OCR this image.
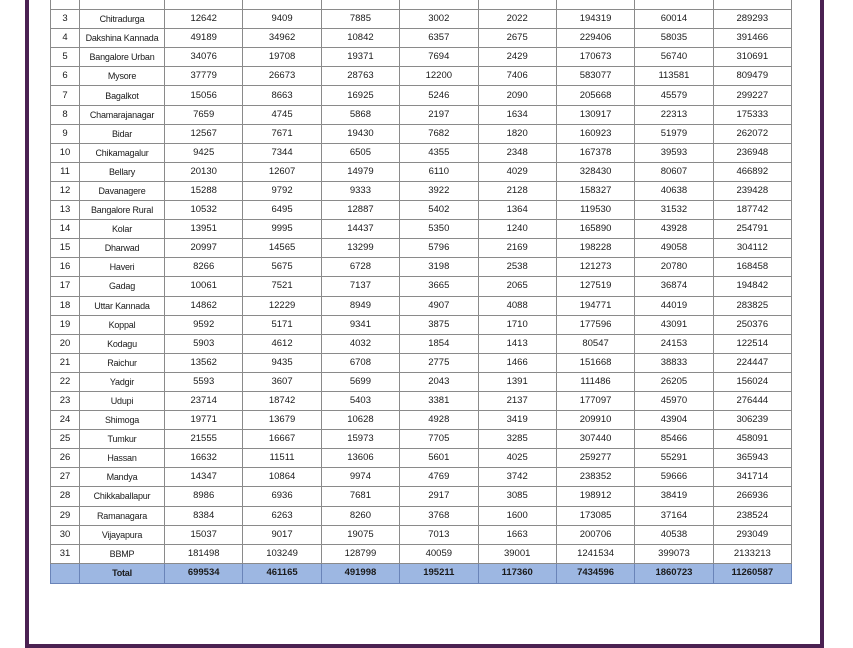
3	Chitradurga	12642	9409	7885	3002	2022	194319	60014	289293
4	Dakshina Kannada	49189	34962	10842	6357	2675	229406	58035	391466
5	Bangalore Urban	34076	19708	19371	7694	2429	170673	56740	310691
6	Mysore	37779	26673	28763	12200	7406	583077	113581	809479
7	Bagalkot	15056	8663	16925	5246	2090	205668	45579	299227
8	Chamarajanagar	7659	4745	5868	2197	1634	130917	22313	175333
9	Bidar	12567	7671	19430	7682	1820	160923	51979	262072
10	Chikamagalur	9425	7344	6505	4355	2348	167378	39593	236948
11	Bellary	20130	12607	14979	6110	4029	328430	80607	466892
12	Davanagere	15288	9792	9333	3922	2128	158327	40638	239428
13	Bangalore Rural	10532	6495	12887	5402	1364	119530	31532	187742
14	Kolar	13951	9995	14437	5350	1240	165890	43928	254791
15	Dharwad	20997	14565	13299	5796	2169	198228	49058	304112
16	Haveri	8266	5675	6728	3198	2538	121273	20780	168458
17	Gadag	10061	7521	7137	3665	2065	127519	36874	194842
18	Uttar Kannada	14862	12229	8949	4907	4088	194771	44019	283825
19	Koppal	9592	5171	9341	3875	1710	177596	43091	250376
20	Kodagu	5903	4612	4032	1854	1413	80547	24153	122514
21	Raichur	13562	9435	6708	2775	1466	151668	38833	224447
22	Yadgir	5593	3607	5699	2043	1391	111486	26205	156024
23	Udupi	23714	18742	5403	3381	2137	177097	45970	276444
24	Shimoga	19771	13679	10628	4928	3419	209910	43904	306239
25	Tumkur	21555	16667	15973	7705	3285	307440	85466	458091
26	Hassan	16632	11511	13606	5601	4025	259277	55291	365943
27	Mandya	14347	10864	9974	4769	3742	238352	59666	341714
28	Chikkaballapur	8986	6936	7681	2917	3085	198912	38419	266936
29	Ramanagara	8384	6263	8260	3768	1600	173085	37164	238524
30	Vijayapura	15037	9017	19075	7013	1663	200706	40538	293049
31	BBMP	181498	103249	128799	40059	39001	1241534	399073	2133213
	Total	699534	461165	491998	195211	117360	7434596	1860723	11260587
